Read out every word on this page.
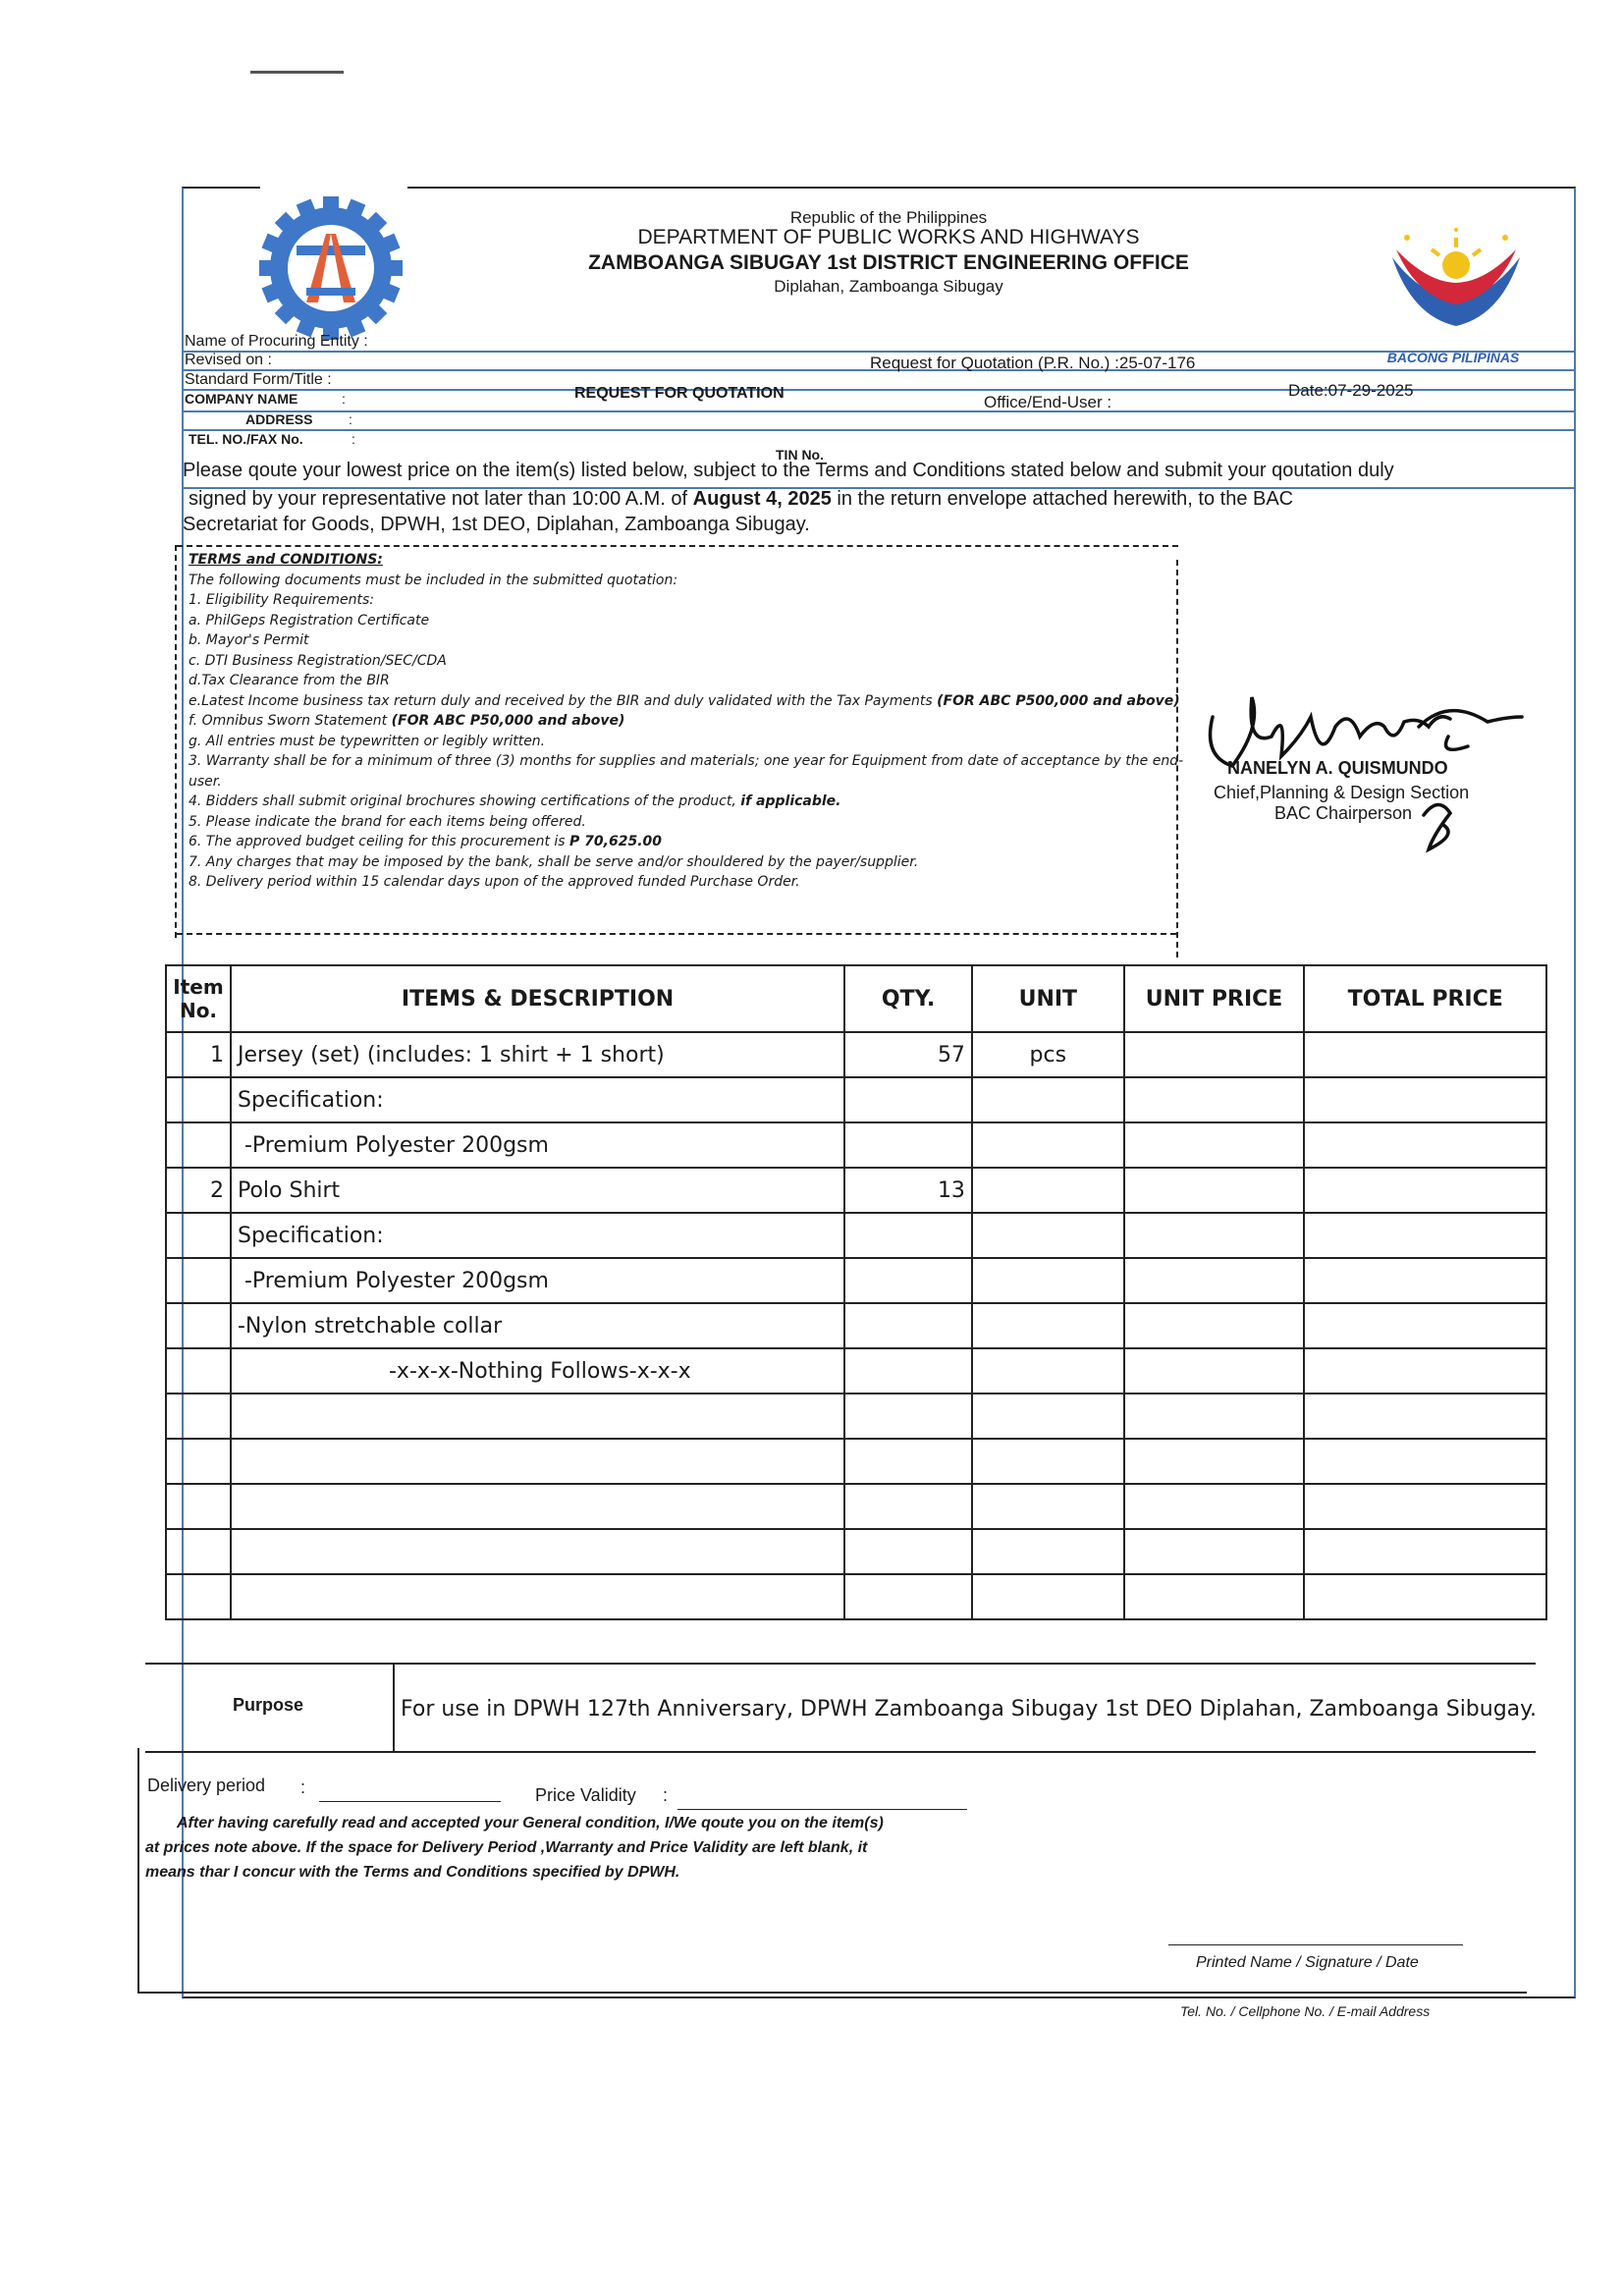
BACONG PILIPINAS
Republic of the Philippines
DEPARTMENT OF PUBLIC WORKS AND HIGHWAYS
ZAMBOANGA SIBUGAY 1st DISTRICT ENGINEERING OFFICE
Diplahan, Zamboanga Sibugay
Name of Procuring Entity :
Revised on :
Standard Form/Title :
COMPANY NAME	:
ADDRESS	:
TEL. NO./FAX No.	:
Request for Quotation (P.R. No.) :25-07-176
REQUEST FOR QUOTATION	Office/End-User :
Date:07-29-2025
TIN No.
Please qoute your lowest price on the item(s) listed below, subject to the Terms and Conditions stated below and submit your qoutation duly
signed by your representative not later than 10:00 A.M. of August 4, 2025 in the return envelope attached herewith, to the BAC
Secretariat for Goods, DPWH, 1st DEO, Diplahan, Zamboanga Sibugay.
TERMS and CONDITIONS:
The following documents must be included in the submitted quotation:
1. Eligibility Requirements:
a. PhilGeps Registration Certificate
b. Mayor's Permit
c. DTI Business Registration/SEC/CDA
d.Tax Clearance from the BIR
e.Latest Income business tax return duly and received by the BIR and duly validated with the Tax Payments (FOR ABC P500,000 and above)
f. Omnibus Sworn Statement (FOR ABC P50,000 and above)
g. All entries must be typewritten or legibly written.
3. Warranty shall be for a minimum of three (3) months for supplies and materials; one year for Equipment from date of acceptance by the end-
user.
4. Bidders shall submit original brochures showing certifications of the product, if applicable.
5. Please indicate the brand for each items being offered.
6. The approved budget ceiling for this procurement is P 70,625.00
7. Any charges that may be imposed by the bank, shall be serve and/or shouldered by the payer/supplier.
8. Delivery period within 15 calendar days upon of the approved funded Purchase Order.
NANELYN A. QUISMUNDO
Chief,Planning & Design Section
BAC Chairperson
Item
No.	ITEMS & DESCRIPTION	QTY.	UNIT	UNIT PRICE	TOTAL PRICE
1	Jersey (set) (includes: 1 shirt + 1 short)	57	pcs		
	Specification:				
	-Premium Polyester 200gsm				
2	Polo Shirt	13			
	Specification:				
	-Premium Polyester 200gsm				
	-Nylon stretchable collar				
	-x-x-x-Nothing Follows-x-x-x				

Purpose	For use in DPWH 127th Anniversary, DPWH Zamboanga Sibugay 1st DEO Diplahan, Zamboanga Sibugay.
Delivery period :	Price Validity :
After having carefully read and accepted your General condition, I/We qoute you on the item(s)
at prices note above. If the space for Delivery Period ,Warranty and Price Validity are left blank, it
means thar I concur with the Terms and Conditions specified by DPWH.
Printed Name / Signature / Date
Tel. No. / Cellphone No. / E-mail Address
